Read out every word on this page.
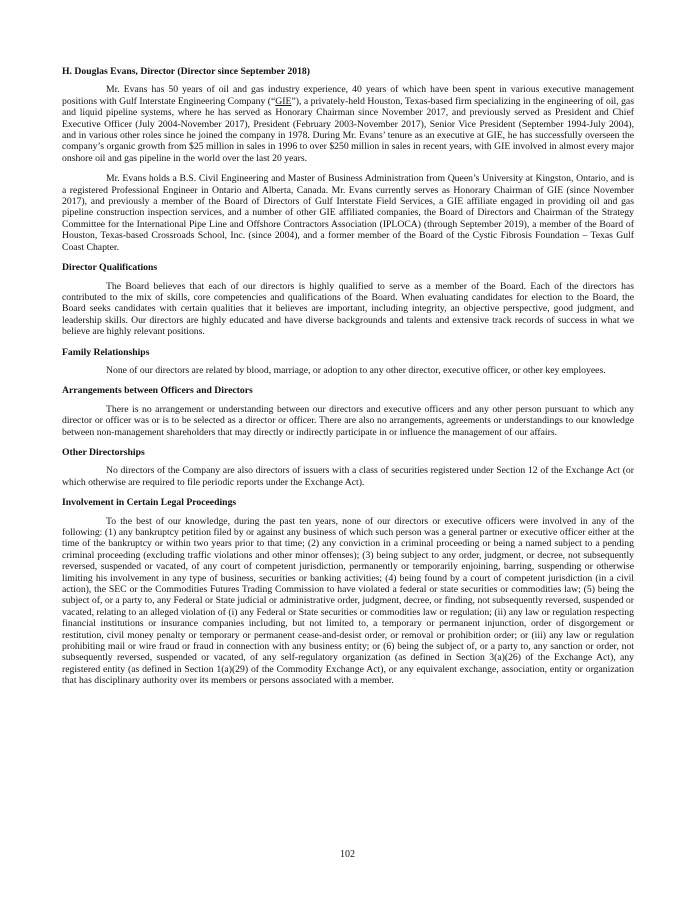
H. Douglas Evans, Director (Director since September 2018)

Mr. Evans has 50 years of oil and gas industry experience, 40 years of which have been spent in various executive management positions with Gulf Interstate Engineering Company (“GIE”), a privately-held Houston, Texas-based firm specializing in the engineering of oil, gas and liquid pipeline systems, where he has served as Honorary Chairman since November 2017, and previously served as President and Chief Executive Officer (July 2004-November 2017), President (February 2003-November 2017), Senior Vice President (September 1994-July 2004), and in various other roles since he joined the company in 1978. During Mr. Evans’ tenure as an executive at GIE, he has successfully overseen the company’s organic growth from $25 million in sales in 1996 to over $250 million in sales in recent years, with GIE involved in almost every major onshore oil and gas pipeline in the world over the last 20 years.

Mr. Evans holds a B.S. Civil Engineering and Master of Business Administration from Queen’s University at Kingston, Ontario, and is a registered Professional Engineer in Ontario and Alberta, Canada. Mr. Evans currently serves as Honorary Chairman of GIE (since November 2017), and previously a member of the Board of Directors of Gulf Interstate Field Services, a GIE affiliate engaged in providing oil and gas pipeline construction inspection services, and a number of other GIE affiliated companies, the Board of Directors and Chairman of the Strategy Committee for the International Pipe Line and Offshore Contractors Association (IPLOCA) (through September 2019), a member of the Board of Houston, Texas-based Crossroads School, Inc. (since 2004), and a former member of the Board of the Cystic Fibrosis Foundation – Texas Gulf Coast Chapter.

Director Qualifications

The Board believes that each of our directors is highly qualified to serve as a member of the Board. Each of the directors has contributed to the mix of skills, core competencies and qualifications of the Board. When evaluating candidates for election to the Board, the Board seeks candidates with certain qualities that it believes are important, including integrity, an objective perspective, good judgment, and leadership skills. Our directors are highly educated and have diverse backgrounds and talents and extensive track records of success in what we believe are highly relevant positions.

Family Relationships

None of our directors are related by blood, marriage, or adoption to any other director, executive officer, or other key employees.

Arrangements between Officers and Directors

There is no arrangement or understanding between our directors and executive officers and any other person pursuant to which any director or officer was or is to be selected as a director or officer. There are also no arrangements, agreements or understandings to our knowledge between non-management shareholders that may directly or indirectly participate in or influence the management of our affairs.

Other Directorships

No directors of the Company are also directors of issuers with a class of securities registered under Section 12 of the Exchange Act (or which otherwise are required to file periodic reports under the Exchange Act).

Involvement in Certain Legal Proceedings

To the best of our knowledge, during the past ten years, none of our directors or executive officers were involved in any of the following: (1) any bankruptcy petition filed by or against any business of which such person was a general partner or executive officer either at the time of the bankruptcy or within two years prior to that time; (2) any conviction in a criminal proceeding or being a named subject to a pending criminal proceeding (excluding traffic violations and other minor offenses); (3) being subject to any order, judgment, or decree, not subsequently reversed, suspended or vacated, of any court of competent jurisdiction, permanently or temporarily enjoining, barring, suspending or otherwise limiting his involvement in any type of business, securities or banking activities; (4) being found by a court of competent jurisdiction (in a civil action), the SEC or the Commodities Futures Trading Commission to have violated a federal or state securities or commodities law; (5) being the subject of, or a party to, any Federal or State judicial or administrative order, judgment, decree, or finding, not subsequently reversed, suspended or vacated, relating to an alleged violation of (i) any Federal or State securities or commodities law or regulation; (ii) any law or regulation respecting financial institutions or insurance companies including, but not limited to, a temporary or permanent injunction, order of disgorgement or restitution, civil money penalty or temporary or permanent cease-and-desist order, or removal or prohibition order; or (iii) any law or regulation prohibiting mail or wire fraud or fraud in connection with any business entity; or (6) being the subject of, or a party to, any sanction or order, not subsequently reversed, suspended or vacated, of any self-regulatory organization (as defined in Section 3(a)(26) of the Exchange Act), any registered entity (as defined in Section 1(a)(29) of the Commodity Exchange Act), or any equivalent exchange, association, entity or organization that has disciplinary authority over its members or persons associated with a member.

102
